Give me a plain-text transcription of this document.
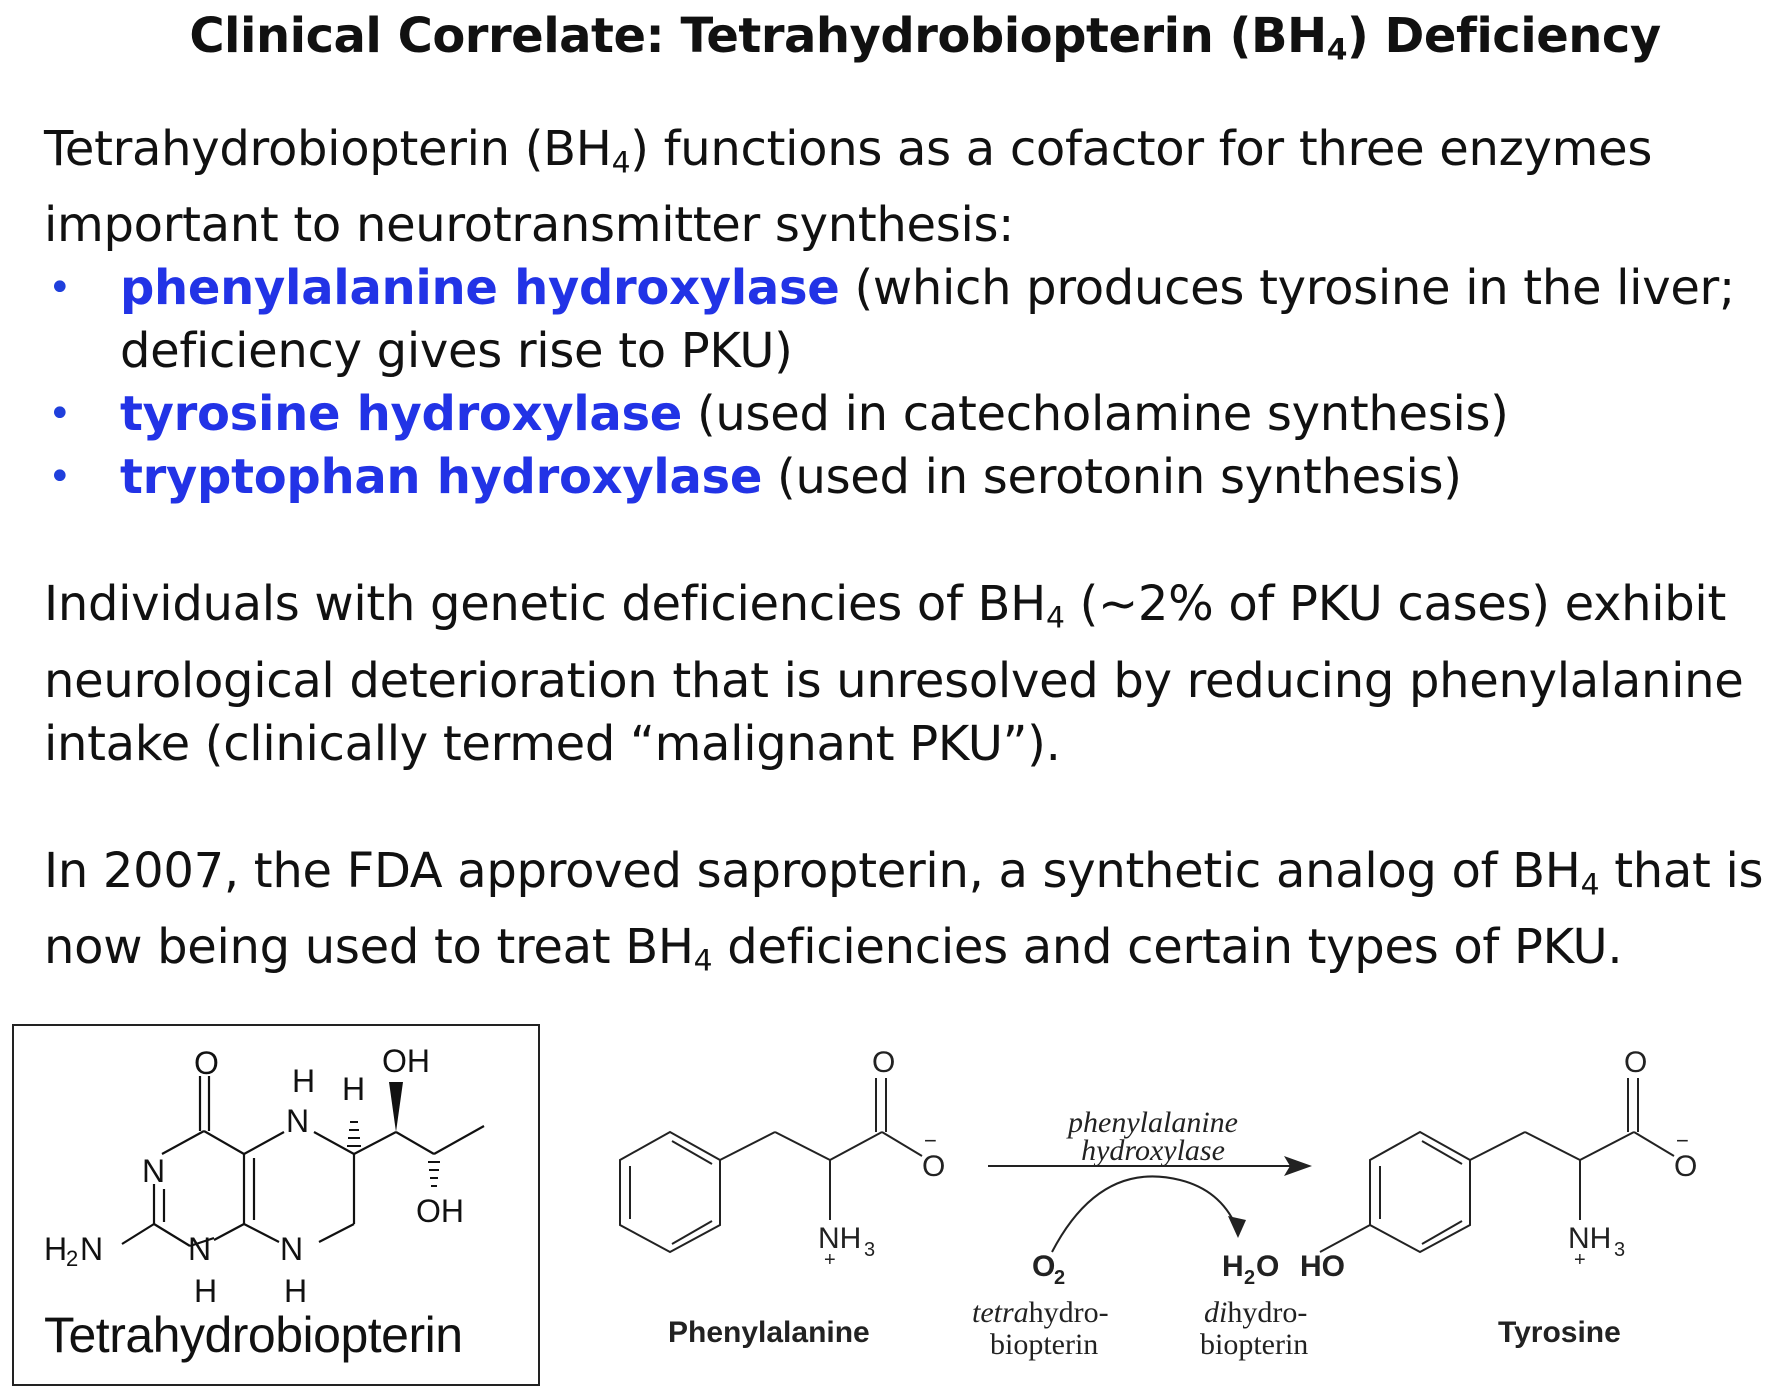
Clinical Correlate: Tetrahydrobiopterin $(BH_4)$ Deficiency

Tetrahydrobiopterin $(BH_4)$ functions as a cofactor for three enzymes important to neurotransmitter synthesis:

• phenylalanine hydroxylase (which produces tyrosine in the liver; deficiency gives rise to PKU)
• tyrosine hydroxylase (used in catecholamine synthesis)
• tryptophan hydroxylase (used in serotonin synthesis)

Individuals with genetic deficiencies of $BH_4$ (~2% of PKU cases) exhibit neurological deterioration that is unresolved by reducing phenylalanine intake (clinically termed “malignant PKU”).

In 2007, the FDA approved sapropterin, a synthetic analog of $BH_4$ that is now being used to treat $BH_4$ deficiencies and certain types of PKU.

O
N
H
N
H
OH
OH
H
2 N	N
H
N
H
Tetrahydrobiopterin
O
O
−
NH 3
+
O
O
−
NH 3
+
O
2	H 2 O HO
Phenylalanine	Tyrosine
phenylalanine
hydroxylase
tetrahydro-
biopterin
dihydro-
biopterin
